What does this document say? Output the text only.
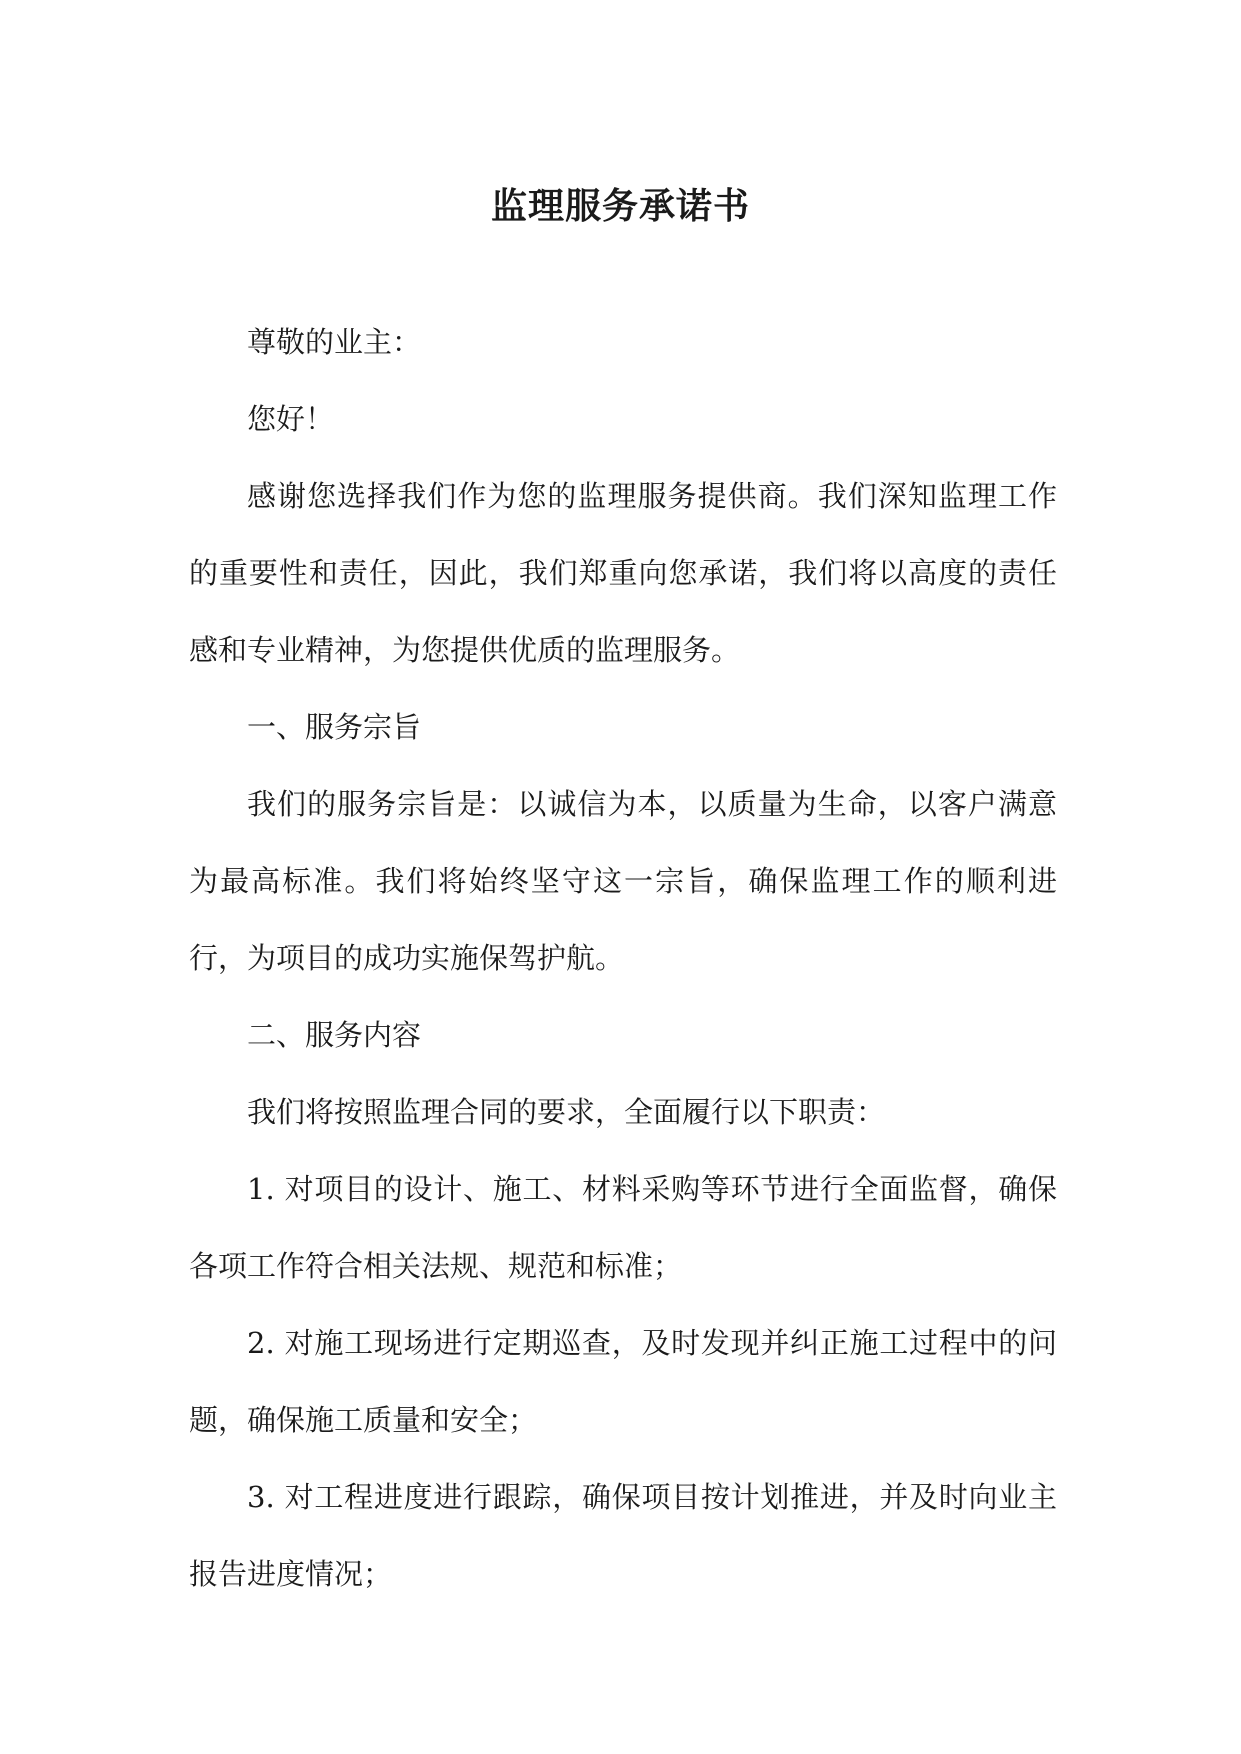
监理服务承诺书

尊敬的业主：

您好！

感谢您选择我们作为您的监理服务提供商。我们深知监理工作的重要性和责任，因此，我们郑重向您承诺，我们将以高度的责任感和专业精神，为您提供优质的监理服务。

一、服务宗旨

我们的服务宗旨是：以诚信为本，以质量为生命，以客户满意为最高标准。我们将始终坚守这一宗旨，确保监理工作的顺利进行，为项目的成功实施保驾护航。

二、服务内容

我们将按照监理合同的要求，全面履行以下职责：

1. 对项目的设计、施工、材料采购等环节进行全面监督，确保各项工作符合相关法规、规范和标准；

2. 对施工现场进行定期巡查，及时发现并纠正施工过程中的问题，确保施工质量和安全；

3. 对工程进度进行跟踪，确保项目按计划推进，并及时向业主报告进度情况；
